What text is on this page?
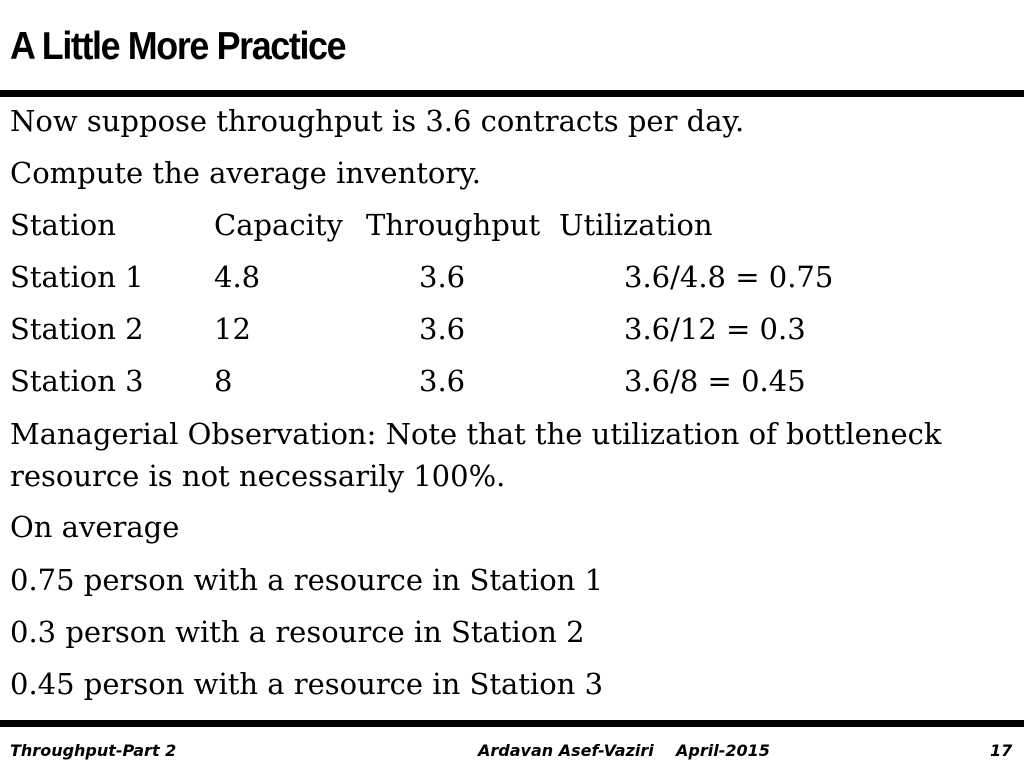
A Little More Practice
Now suppose throughput is 3.6 contracts per day.
Compute the average inventory.
Station	Capacity Throughput Utilization
Station 1 4.8	3.6	3.6/4.8 = 0.75
Station 2 12	3.6	3.6/12 = 0.3
Station 3 8	3.6	3.6/8 = 0.45
Managerial Observation: Note that the utilization of bottleneck resource is not necessarily 100%.
On average
0.75 person with a resource in Station 1
0.3 person with a resource in Station 2
0.45 person with a resource in Station 3
Throughput-Part 2	Ardavan Asef-Vaziri    April-2015	17
